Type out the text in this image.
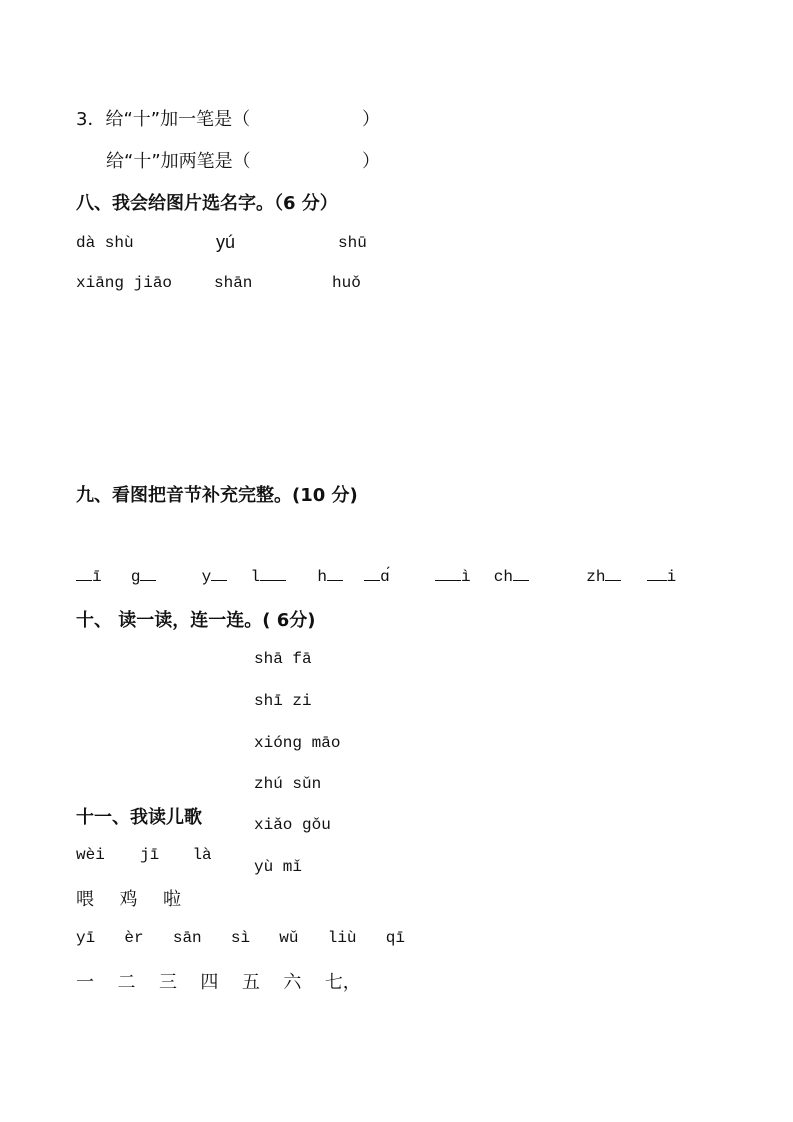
3．给“十”加一笔是（	）
给“十”加两笔是（	）
八、我会给图片选名字。（6 分）
dà shù	yú	shū
xiāng jiāo	shān	huǒ
九、看图把音节补充完整。(10 分)
ī g	y l	h	ɑ́	ì ch	zh	i
十、 读一读，连一连。( 6分)
shā fā
shī zi
xióng māo
zhú sǔn
xiǎo gǒu
yù mǐ
十一、我读儿歌
wèi jī là
喂 鸡 啦
yī èr sān sì wǔ liù qī
一 二 三 四 五 六 七，
